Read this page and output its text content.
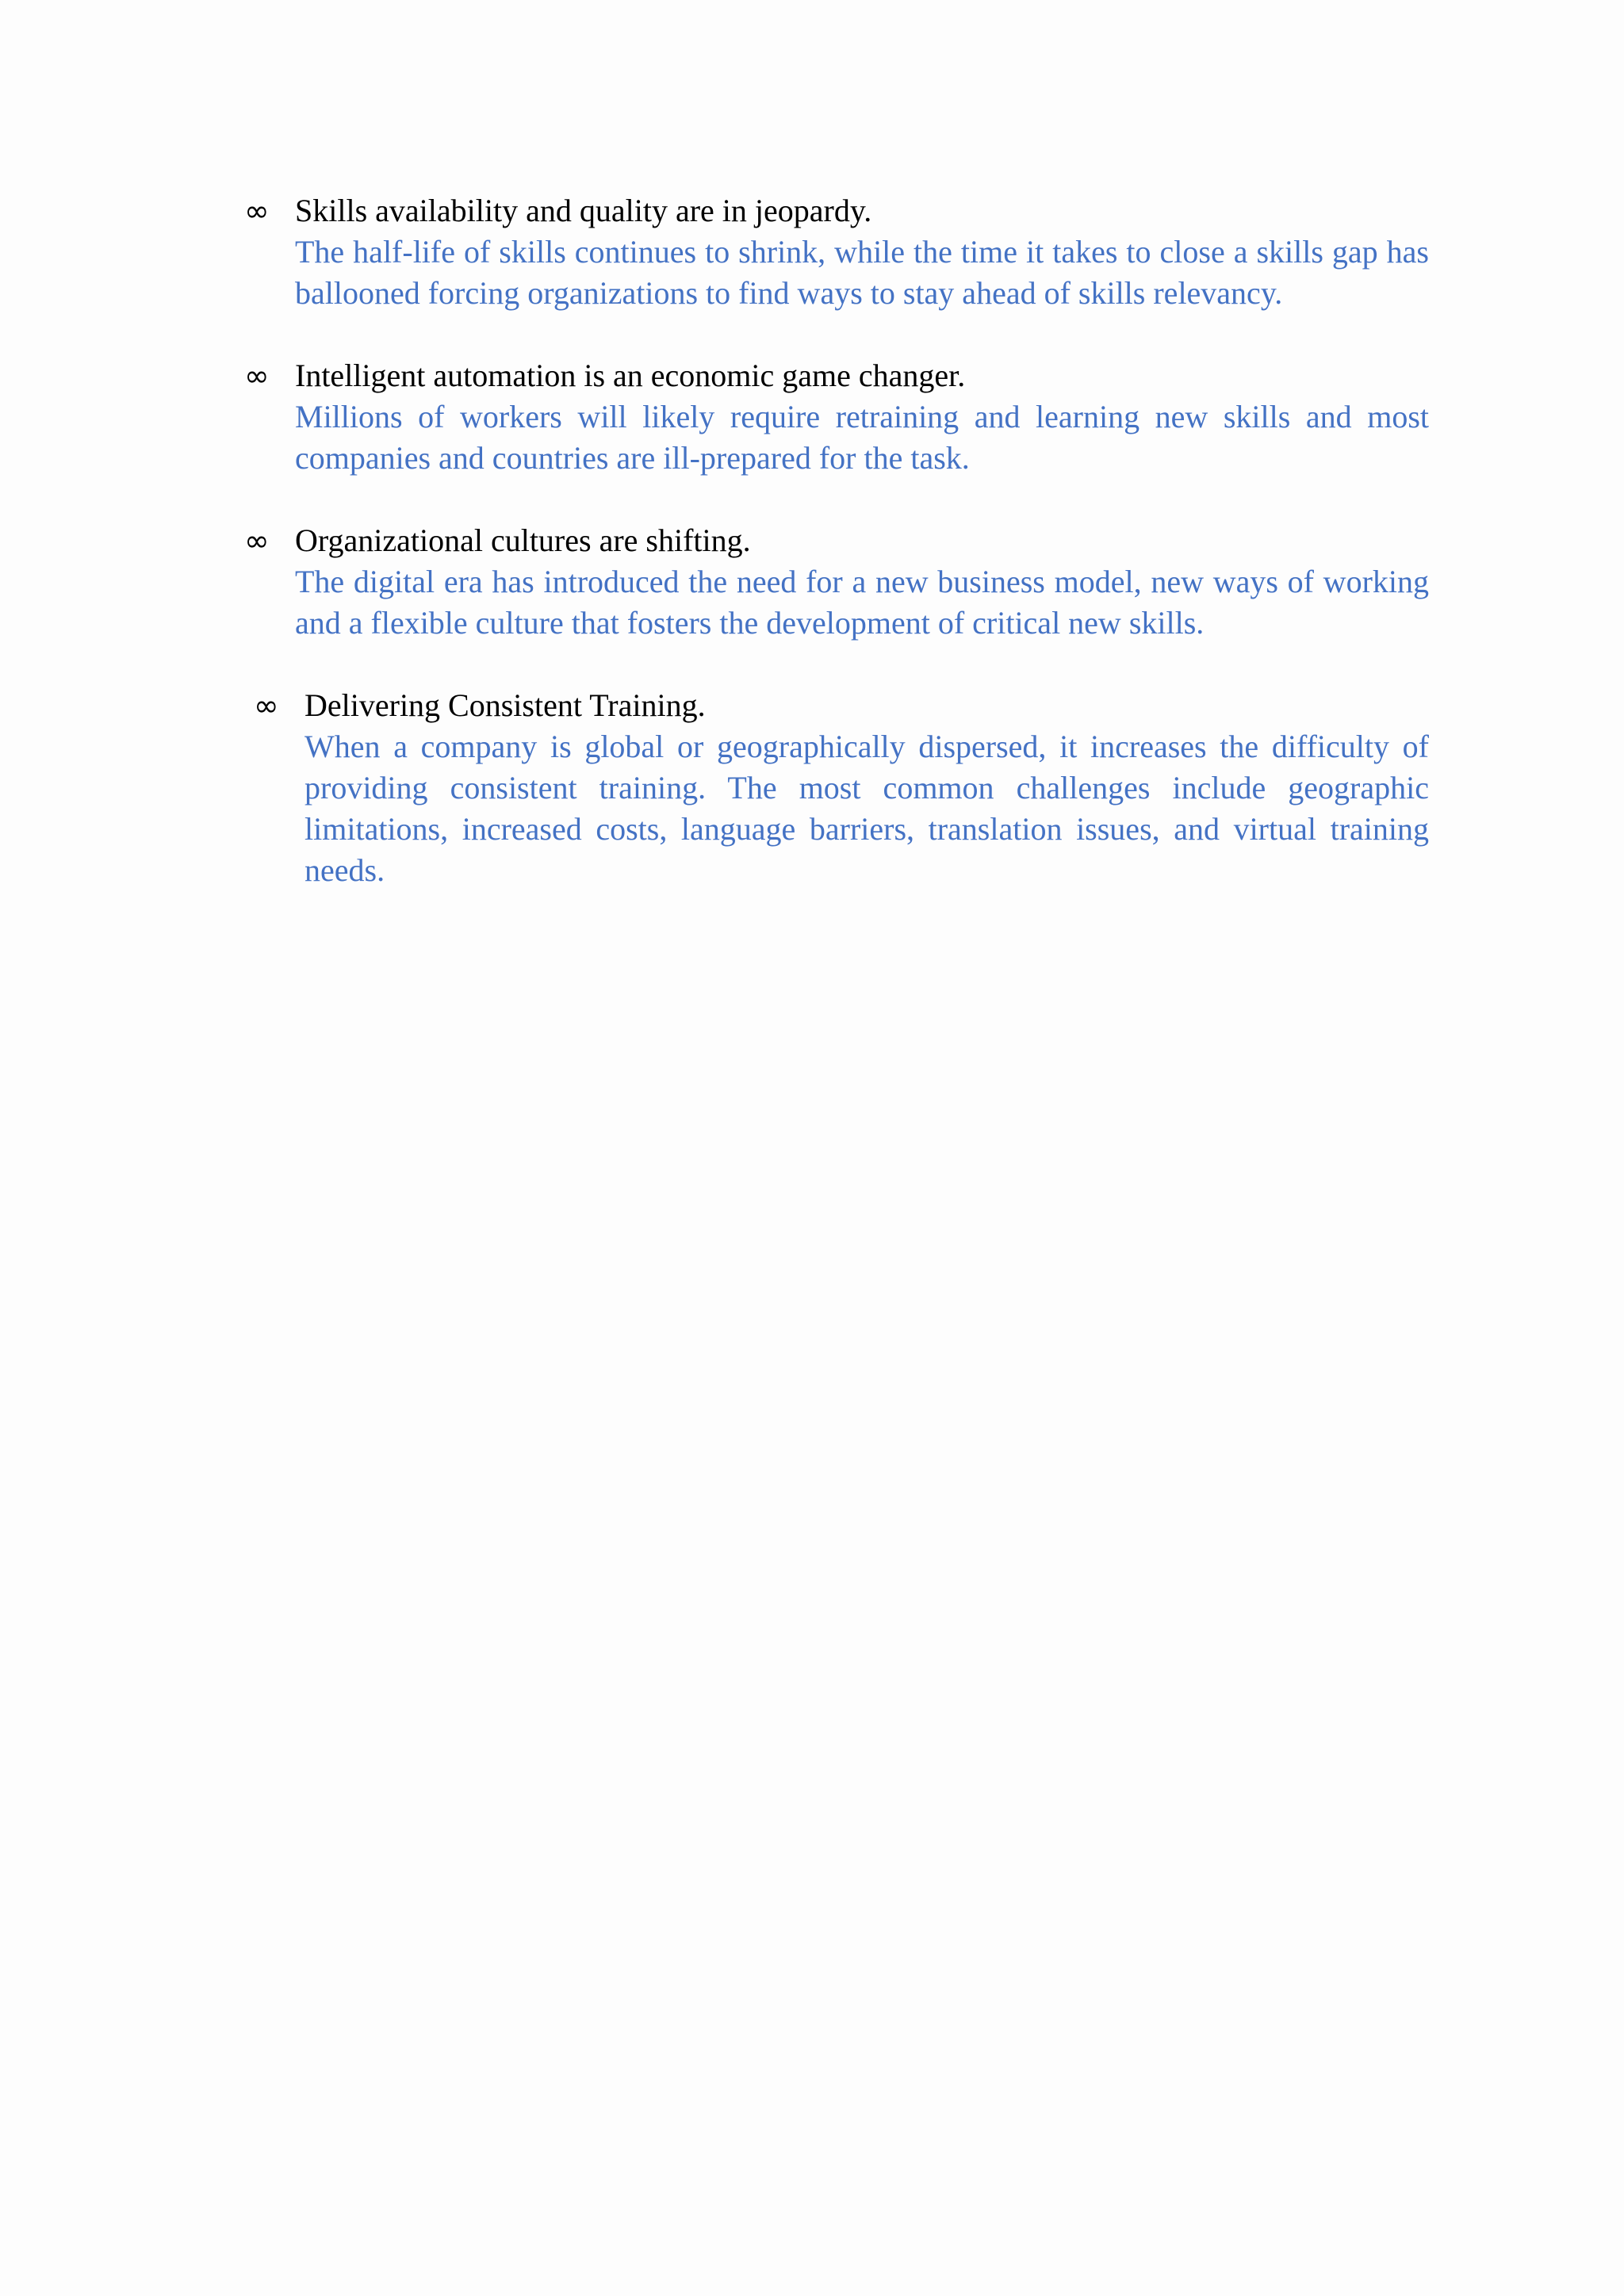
∞ Skills availability and quality are in jeopardy.
The half-life of skills continues to shrink, while the time it takes to close a skills gap has ballooned forcing organizations to find ways to stay ahead of skills relevancy.
∞ Intelligent automation is an economic game changer.
Millions of workers will likely require retraining and learning new skills and most companies and countries are ill-prepared for the task.
∞ Organizational cultures are shifting.
The digital era has introduced the need for a new business model, new ways of working and a flexible culture that fosters the development of critical new skills.
∞ Delivering Consistent Training.
When a company is global or geographically dispersed, it increases the difficulty of providing consistent training. The most common challenges include geographic limitations, increased costs, language barriers, translation issues, and virtual training needs.
